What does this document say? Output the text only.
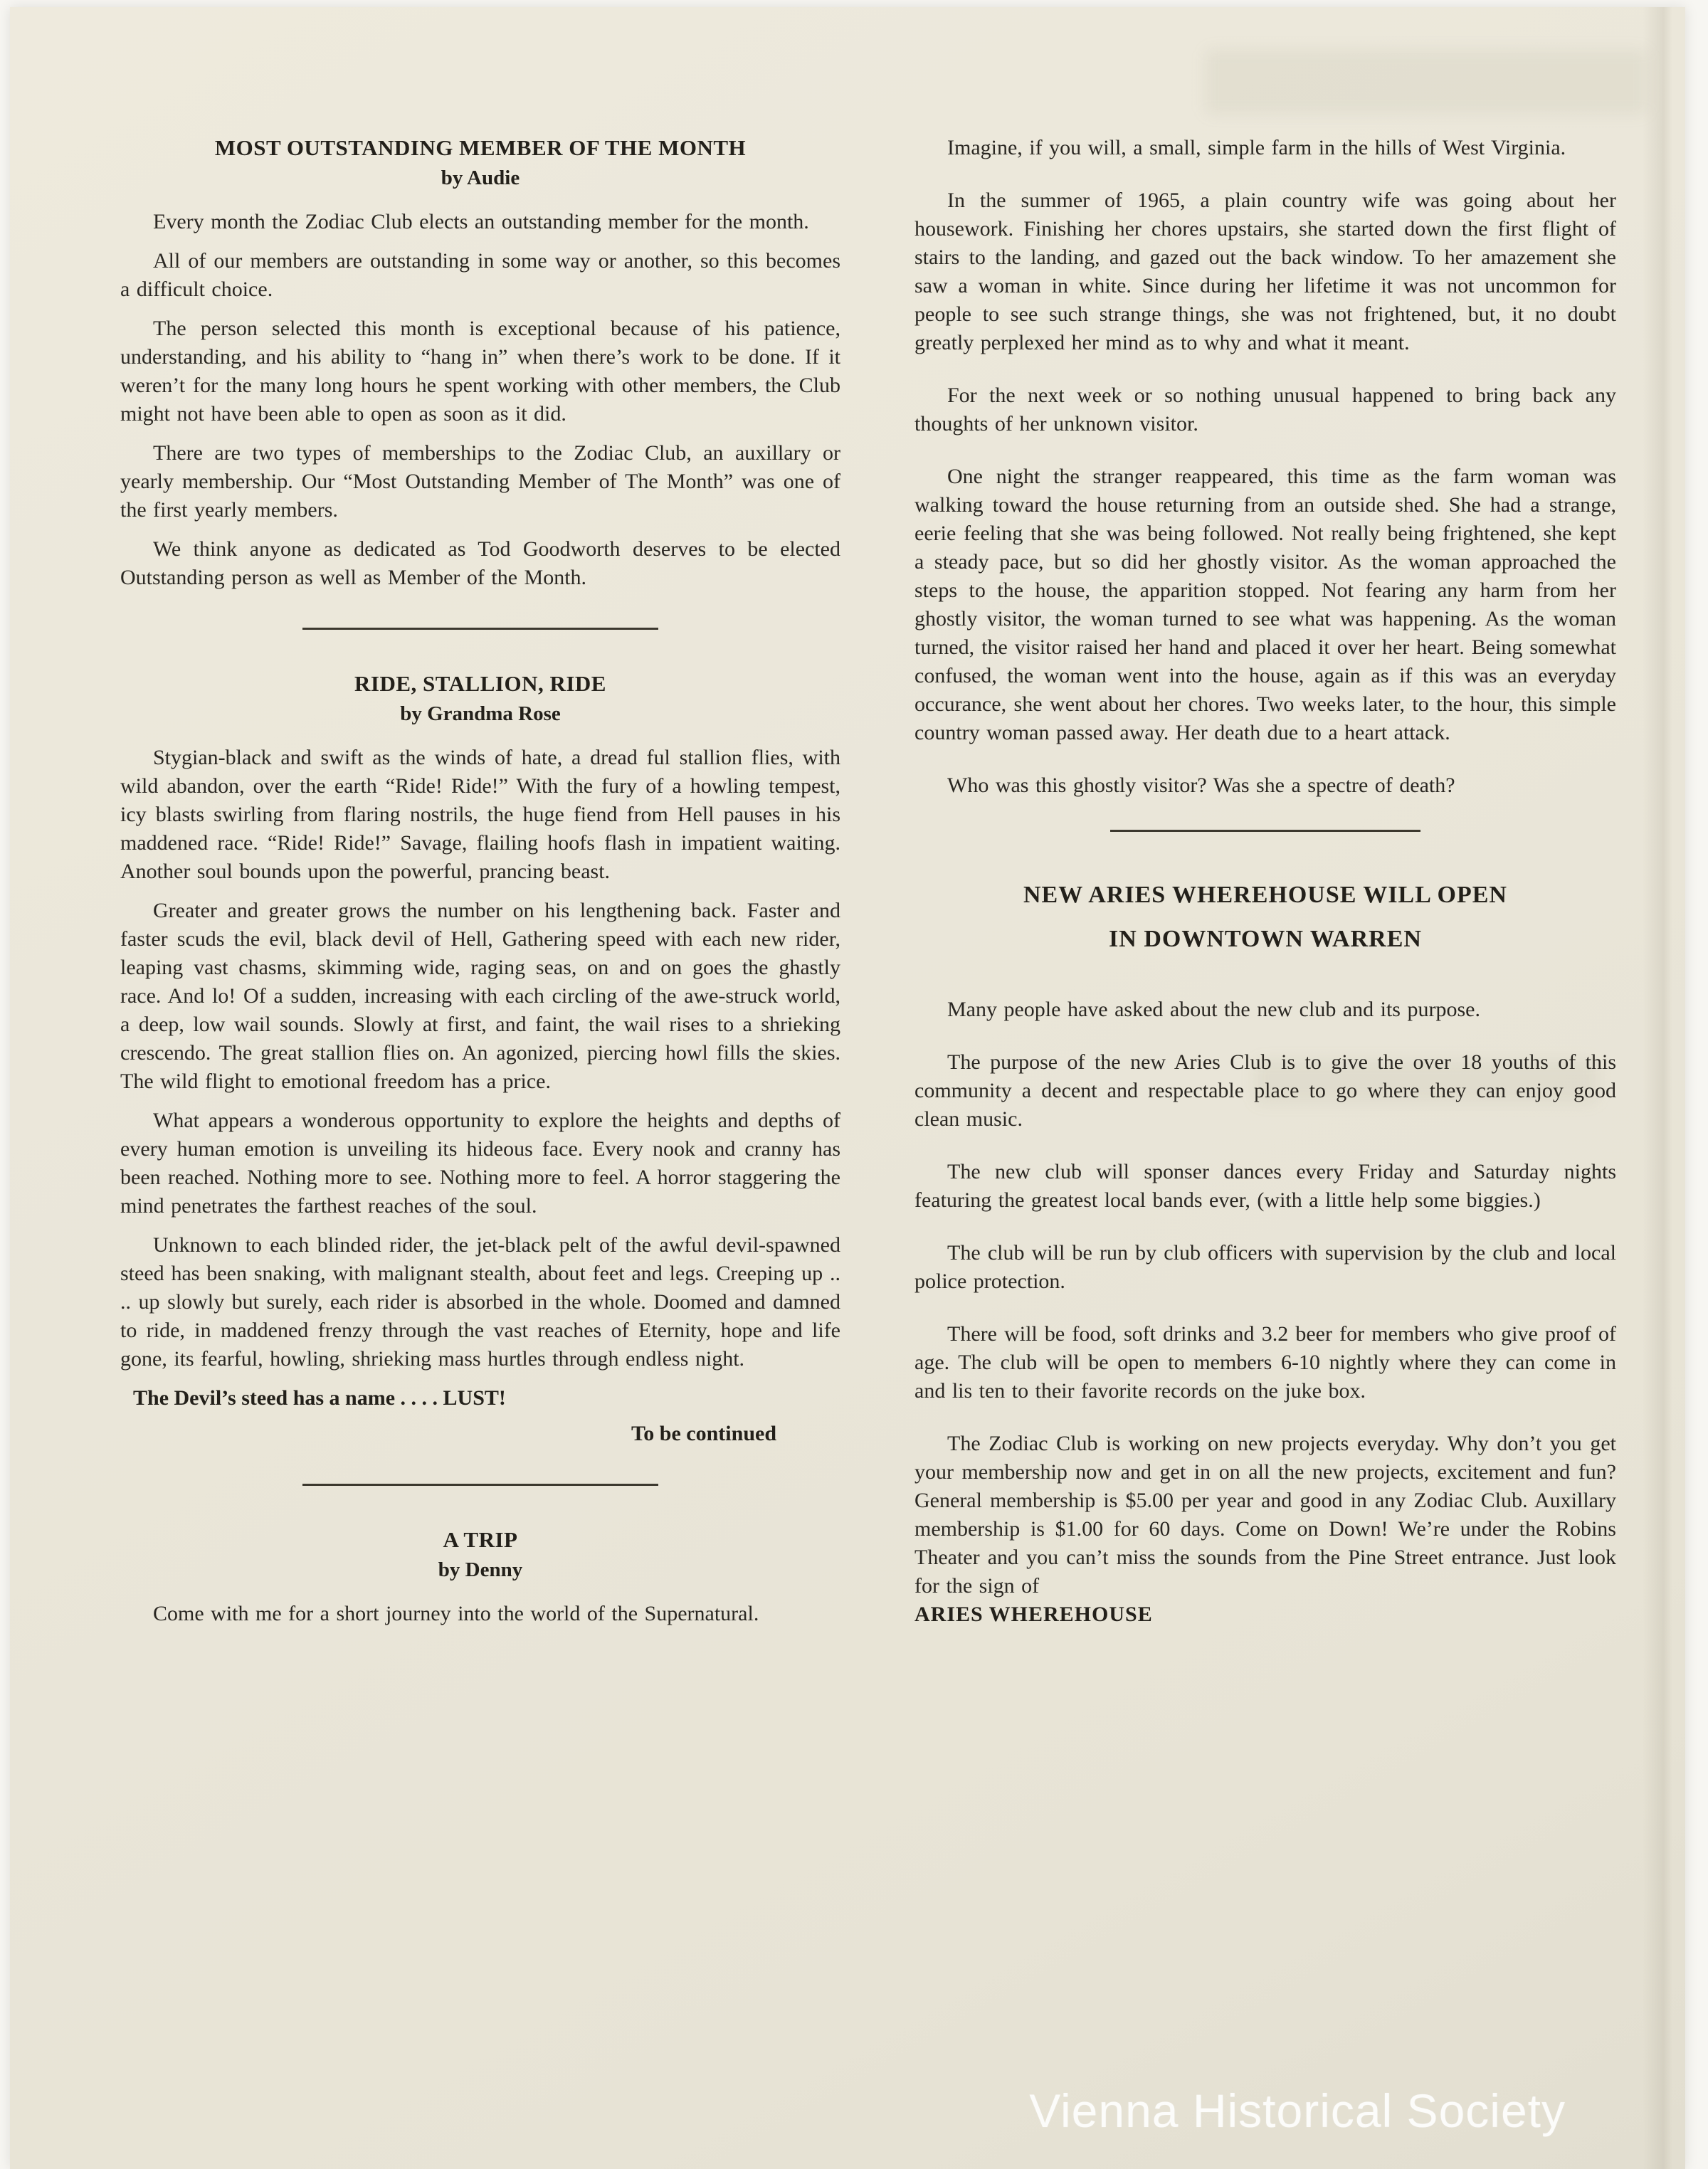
MOST OUTSTANDING MEMBER OF THE MONTH
by Audie

Every month the Zodiac Club elects an outstanding member for the month.

All of our members are outstanding in some way or another, so this becomes a difficult choice.

The person selected this month is exceptional because of his patience, understanding, and his ability to “hang in” when there’s work to be done. If it weren’t for the many long hours he spent working with other members, the Club might not have been able to open as soon as it did.

There are two types of memberships to the Zodiac Club, an auxillary or yearly membership. Our “Most Outstanding Member of The Month” was one of the first yearly members.

We think anyone as dedicated as Tod Goodworth deserves to be elected Outstanding person as well as Member of the Month.

RIDE, STALLION, RIDE
by Grandma Rose

Stygian-black and swift as the winds of hate, a dread ful stallion flies, with wild abandon, over the earth “Ride! Ride!” With the fury of a howling tempest, icy blasts swirling from flaring nostrils, the huge fiend from Hell pauses in his maddened race. “Ride! Ride!” Savage, flailing hoofs flash in impatient waiting. Another soul bounds upon the powerful, prancing beast.

Greater and greater grows the number on his lengthening back. Faster and faster scuds the evil, black devil of Hell, Gathering speed with each new rider, leaping vast chasms, skimming wide, raging seas, on and on goes the ghastly race. And lo! Of a sudden, increasing with each circling of the awe-struck world, a deep, low wail sounds. Slowly at first, and faint, the wail rises to a shrieking crescendo. The great stallion flies on. An agonized, piercing howl fills the skies. The wild flight to emotional freedom has a price.

What appears a wonderous opportunity to explore the heights and depths of every human emotion is unveiling its hideous face. Every nook and cranny has been reached. Nothing more to see. Nothing more to feel. A horror staggering the mind penetrates the farthest reaches of the soul.

Unknown to each blinded rider, the jet-black pelt of the awful devil-spawned steed has been snaking, with malignant stealth, about feet and legs. Creeping up .. .. up slowly but surely, each rider is absorbed in the whole. Doomed and damned to ride, in maddened frenzy through the vast reaches of Eternity, hope and life gone, its fearful, howling, shrieking mass hurtles through endless night.

The Devil’s steed has a name . . . . LUST!

To be continued

A TRIP
by Denny

Come with me for a short journey into the world of the Supernatural.

Imagine, if you will, a small, simple farm in the hills of West Virginia.

In the summer of 1965, a plain country wife was going about her housework. Finishing her chores upstairs, she started down the first flight of stairs to the landing, and gazed out the back window. To her amazement she saw a woman in white. Since during her lifetime it was not uncommon for people to see such strange things, she was not frightened, but, it no doubt greatly perplexed her mind as to why and what it meant.

For the next week or so nothing unusual happened to bring back any thoughts of her unknown visitor.

One night the stranger reappeared, this time as the farm woman was walking toward the house returning from an outside shed. She had a strange, eerie feeling that she was being followed. Not really being frightened, she kept a steady pace, but so did her ghostly visitor. As the woman approached the steps to the house, the apparition stopped. Not fearing any harm from her ghostly visitor, the woman turned to see what was happening. As the woman turned, the visitor raised her hand and placed it over her heart. Being somewhat confused, the woman went into the house, again as if this was an everyday occurance, she went about her chores. Two weeks later, to the hour, this simple country woman passed away. Her death due to a heart attack.

Who was this ghostly visitor? Was she a spectre of death?

NEW ARIES WHEREHOUSE WILL OPEN
IN DOWNTOWN WARREN

Many people have asked about the new club and its purpose.

The purpose of the new Aries Club is to give the over 18 youths of this community a decent and respectable place to go where they can enjoy good clean music.

The new club will sponser dances every Friday and Saturday nights featuring the greatest local bands ever, (with a little help some biggies.)

The club will be run by club officers with supervision by the club and local police protection.

There will be food, soft drinks and 3.2 beer for members who give proof of age. The club will be open to members 6-10 nightly where they can come in and lis ten to their favorite records on the juke box.

The Zodiac Club is working on new projects everyday. Why don’t you get your membership now and get in on all the new projects, excitement and fun? General membership is $5.00 per year and good in any Zodiac Club. Auxillary membership is $1.00 for 60 days. Come on Down! We’re under the Robins Theater and you can’t miss the sounds from the Pine Street entrance. Just look for the sign of

ARIES WHEREHOUSE

Vienna Historical Society
